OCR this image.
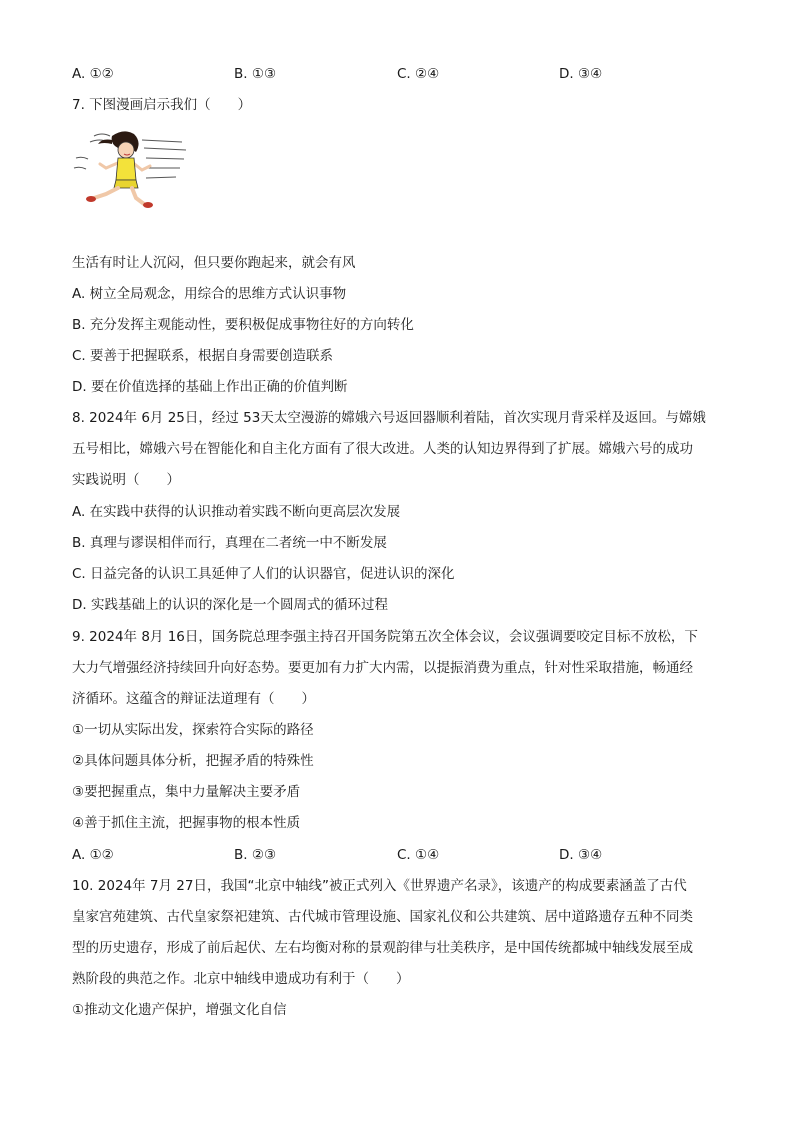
A. ①②	B. ①③	C. ②④	D. ③④
7. 下图漫画启示我们（　　）
生活有时让人沉闷，但只要你跑起来，就会有风
A. 树立全局观念，用综合的思维方式认识事物
B. 充分发挥主观能动性，要积极促成事物往好的方向转化
C. 要善于把握联系，根据自身需要创造联系
D. 要在价值选择的基础上作出正确的价值判断
8. 2024年 6月 25日，经过 53天太空漫游的嫦娥六号返回器顺利着陆，首次实现月背采样及返回。与嫦娥
五号相比，嫦娥六号在智能化和自主化方面有了很大改进。人类的认知边界得到了扩展。嫦娥六号的成功
实践说明（　　）
A. 在实践中获得的认识推动着实践不断向更高层次发展
B. 真理与谬误相伴而行，真理在二者统一中不断发展
C. 日益完备的认识工具延伸了人们的认识器官，促进认识的深化
D. 实践基础上的认识的深化是一个圆周式的循环过程
9. 2024年 8月 16日，国务院总理李强主持召开国务院第五次全体会议，会议强调要咬定目标不放松，下
大力气增强经济持续回升向好态势。要更加有力扩大内需，以提振消费为重点，针对性采取措施，畅通经
济循环。这蕴含的辩证法道理有（　　）
①一切从实际出发，探索符合实际的路径
②具体问题具体分析，把握矛盾的特殊性
③要把握重点，集中力量解决主要矛盾
④善于抓住主流，把握事物的根本性质
A. ①②	B. ②③	C. ①④	D. ③④
10. 2024年 7月 27日，我国“北京中轴线”被正式列入《世界遗产名录》，该遗产的构成要素涵盖了古代
皇家宫苑建筑、古代皇家祭祀建筑、古代城市管理设施、国家礼仪和公共建筑、居中道路遗存五种不同类
型的历史遗存，形成了前后起伏、左右均衡对称的景观韵律与壮美秩序，是中国传统都城中轴线发展至成
熟阶段的典范之作。北京中轴线申遗成功有利于（　　）
①推动文化遗产保护，增强文化自信
